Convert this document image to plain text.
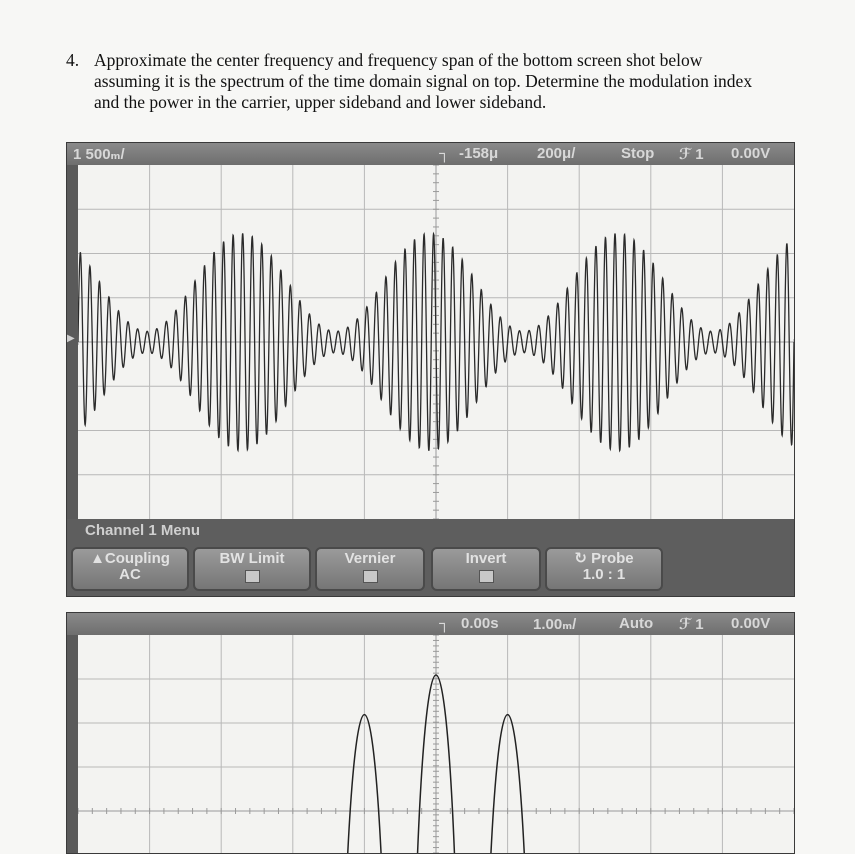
4. Approximate the center frequency and frequency span of the bottom screen shot below assuming it is the spectrum of the time domain signal on top. Determine the modulation index and the power in the carrier, upper sideband and lower sideband.
1 500ₘ/	┐ -158μ	200μ/	Stop ℱ 1 0.00V
▶
Channel 1 Menu
▲Coupling
AC
BW Limit	Vernier	Invert	↻ Probe
1.0 : 1
┐ 0.00s 1.00ₘ/	Auto ℱ 1 0.00V
